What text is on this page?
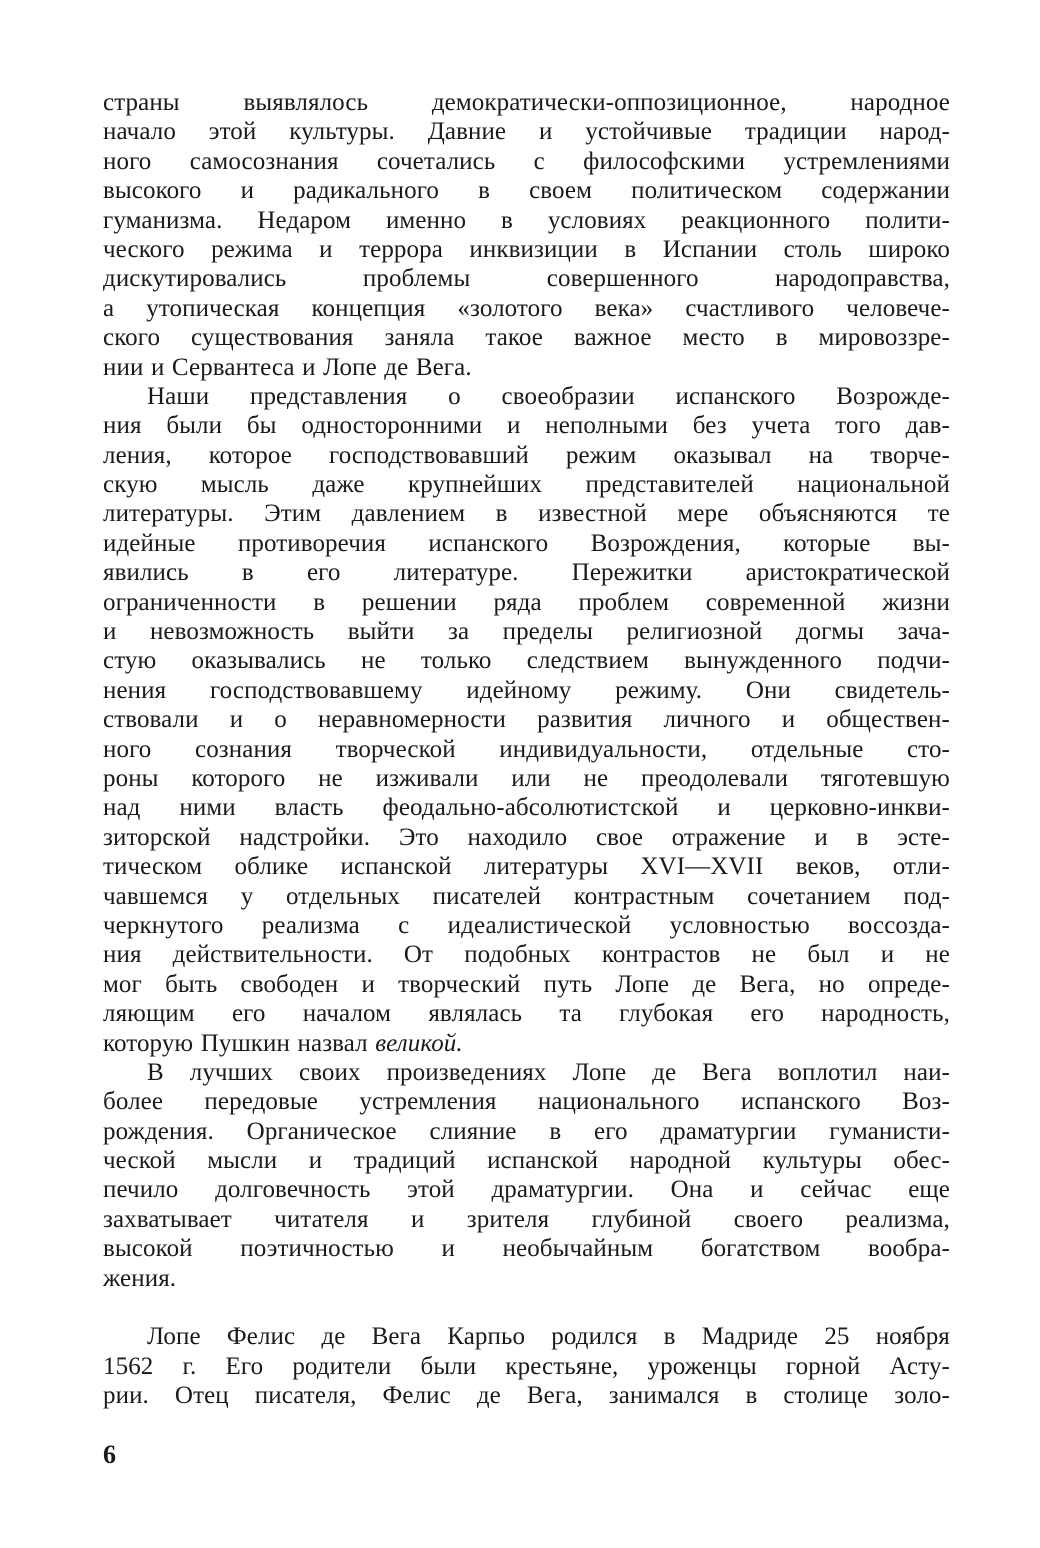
страны	выявлялось	демократически-оппозиционное,	народное
начало этой культуры. Давние и устойчивые традиции народ-
ного самосознания сочетались с философскими устремлениями
высокого и радикального в своем политическом содержании
гуманизма. Недаром именно в условиях реакционного полити-
ческого режима и террора инквизиции в Испании столь широко
дискутировались	проблемы	совершенного	народоправства,
а утопическая концепция «золотого века» счастливого человече-
ского существования заняла такое важное место в мировоззре-
нии и Сервантеса и Лопе де Вега.
Наши представления о своеобразии испанского Возрожде-
ния были бы односторонними и неполными без учета того дав-
ления, которое господствовавший режим оказывал на творче-
скую мысль даже крупнейших представителей национальной
литературы. Этим давлением в известной мере объясняются те
идейные противоречия испанского Возрождения, которые вы-
явились в его литературе. Пережитки аристократической
ограниченности в решении ряда проблем современной жизни
и невозможность выйти за пределы религиозной догмы зача-
стую оказывались не только следствием вынужденного подчи-
нения господствовавшему идейному режиму. Они свидетель-
ствовали и о неравномерности развития личного и обществен-
ного сознания творческой индивидуальности, отдельные сто-
роны которого не изживали или не преодолевали тяготевшую
над ними власть феодально-абсолютистской и церковно-инкви-
зиторской надстройки. Это находило свое отражение и в эсте-
тическом облике испанской литературы XVI—XVII веков, отли-
чавшемся у отдельных писателей контрастным сочетанием под-
черкнутого реализма с идеалистической условностью воссозда-
ния действительности. От подобных контрастов не был и не
мог быть свободен и творческий путь Лопе де Вега, но опреде-
ляющим его началом являлась та глубокая его народность,
которую Пушкин назвал великой.
В лучших своих произведениях Лопе де Вега воплотил наи-
более передовые устремления национального испанского Воз-
рождения. Органическое слияние в его драматургии гуманисти-
ческой мысли и традиций испанской народной культуры обес-
печило долговечность этой драматургии. Она и сейчас еще
захватывает читателя и зрителя глубиной своего реализма,
высокой поэтичностью и необычайным богатством вообра-
жения.
Лопе Фелис де Вега Карпьо родился в Мадриде 25 ноября
1562 г. Его родители были крестьяне, уроженцы горной Асту-
рии. Отец писателя, Фелис де Вега, занимался в столице золо-
6
